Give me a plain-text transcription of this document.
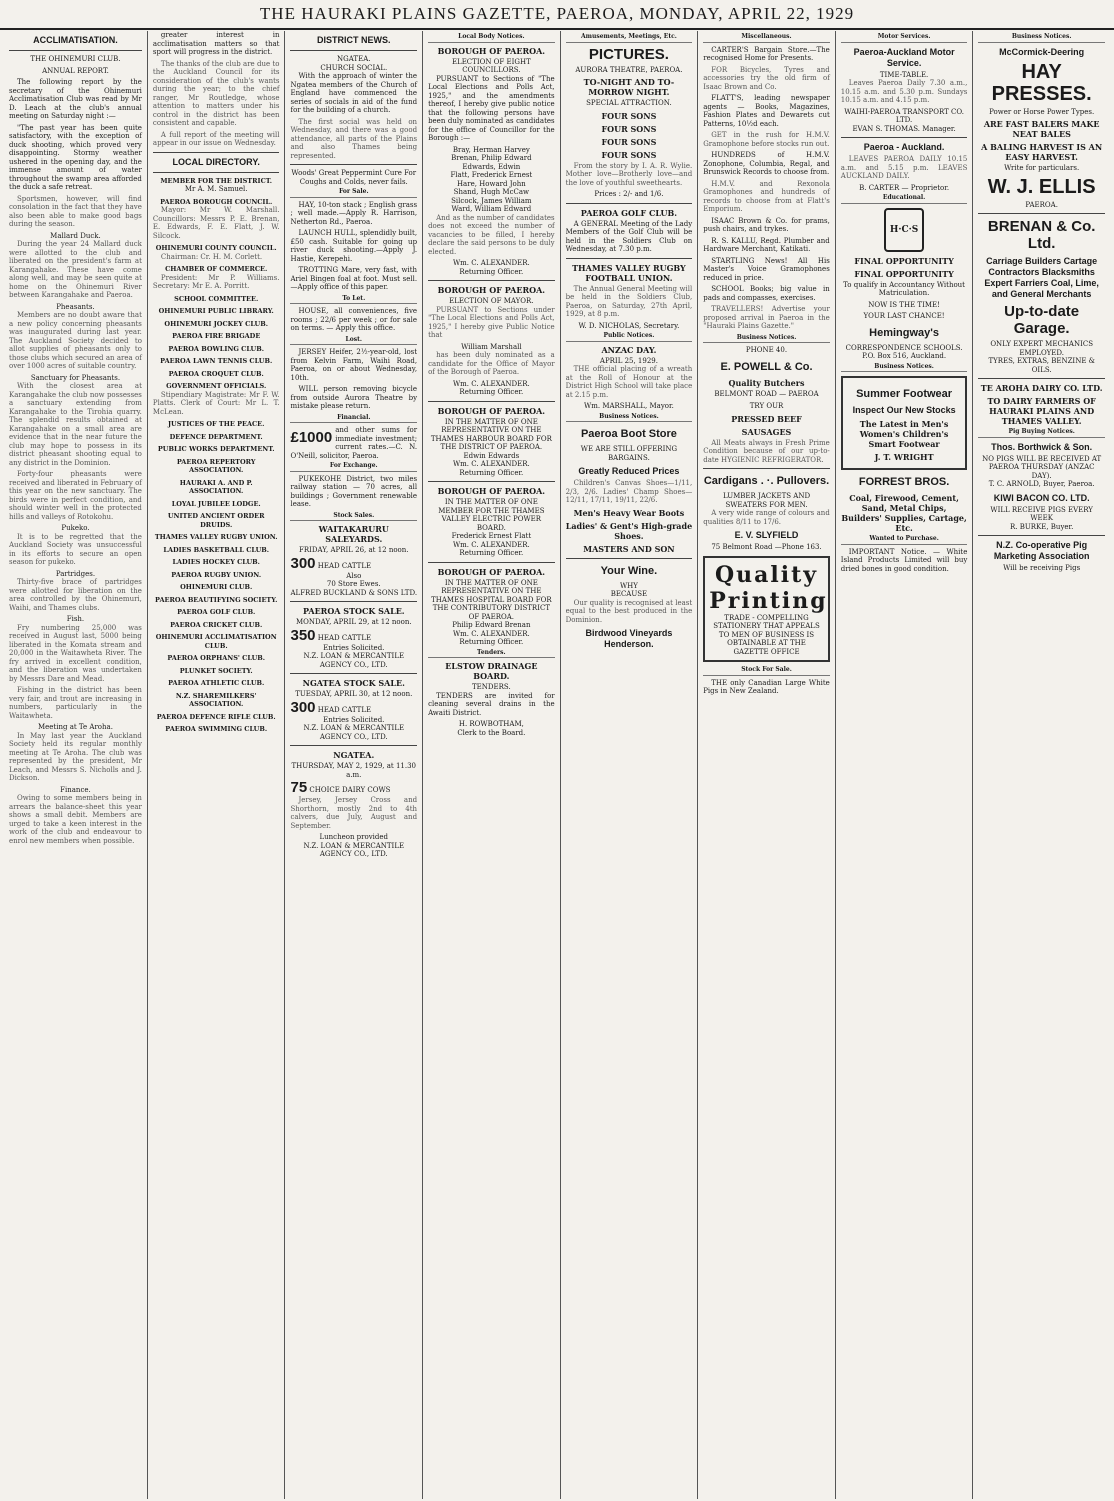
THE HAURAKI PLAINS GAZETTE, PAEROA, MONDAY, APRIL 22, 1929
ACCLIMATISATION.
THE OHINEMURI CLUB.
ANNUAL REPORT.

The following report by the secretary of the Ohinemuri Acclimatisation Club was read by Mr D. Leach at the club's annual meeting on Saturday night :—

"The past year has been quite satisfactory, with the exception of duck shooting, which proved very disappointing. Stormy weather ushered in the opening day, and the immense amount of water throughout the swamp area afforded the duck a safe retreat.

Sportsmen, however, will find consolation in the fact that they have also been able to make good bags during the season.

Mallard Duck.

During the year 24 Mallard duck were allotted to the club and liberated on the president's farm at Karangahake. These have come along well, and may be seen quite at home on the Ohinemuri River between Karangahake and Paeroa.

Pheasants.

Members are no doubt aware that a new policy concerning pheasants was inaugurated during last year. The Auckland Society decided to allot supplies of pheasants only to those clubs which secured an area of over 1000 acres of suitable country.

Sanctuary for Pheasants.

With the closest area at Karangahake the club now possesses a sanctuary extending from Karangahake to the Tirohia quarry. The splendid results obtained at Karangahake on a small area are evidence that in the near future the club may hope to possess in its district pheasant shooting equal to any district in the Dominion.

Forty-four pheasants were received and liberated in February of this year on the new sanctuary. The birds were in perfect condition, and should winter well in the protected hills and valleys of Rotokohu.

Pukeko.

It is to be regretted that the Auckland Society was unsuccessful in its efforts to secure an open season for pukeko.

Partridges.

Thirty-five brace of partridges were allotted for liberation on the area controlled by the Ohinemuri, Waihi, and Thames clubs.

Fish.

Fry numbering 25,000 was received in August last, 5000 being liberated in the Komata stream and 20,000 in the Waitawheta River. The fry arrived in excellent condition, and the liberation was undertaken by Messrs Dare and Mead.

Fishing in the district has been very fair, and trout are increasing in numbers, particularly in the Waitawheta.

Meeting at Te Aroha.

In May last year the Auckland Society held its regular monthly meeting at Te Aroha. The club was represented by the president, Mr Leach, and Messrs S. Nicholls and J. Dickson.

Finance.

Owing to some members being in arrears the balance-sheet this year shows a small debit. Members are urged to take a keen interest in the work of the club and endeavour to enrol new members when possible.

greater interest in acclimatisation matters so that sport will progress in the district.

The thanks of the club are due to the Auckland Council for its consideration of the club's wants during the year; to the chief ranger, Mr Routledge, whose attention to matters under his control in the district has been consistent and capable.

A full report of the meeting will appear in our issue on Wednesday.

LOCAL DIRECTORY.
MEMBER FOR THE DISTRICT.
Mr A. M. Samuel.
PAEROA BOROUGH COUNCIL.

Mayor: Mr W. Marshall. Councillors: Messrs P. E. Brenan, E. Edwards, F. E. Flatt, J. W. Silcock.

OHINEMURI COUNTY COUNCIL.

Chairman: Cr. H. M. Corlett.

CHAMBER OF COMMERCE.

President: Mr P. Williams. Secretary: Mr E. A. Porritt.

SCHOOL COMMITTEE.
OHINEMURI PUBLIC LIBRARY.
OHINEMURI JOCKEY CLUB.
PAEROA FIRE BRIGADE
PAEROA BOWLING CLUB.
PAEROA LAWN TENNIS CLUB.
PAEROA CROQUET CLUB.
GOVERNMENT OFFICIALS.

Stipendiary Magistrate: Mr F. W. Platts. Clerk of Court: Mr L. T. McLean.

JUSTICES OF THE PEACE.
DEFENCE DEPARTMENT.
PUBLIC WORKS DEPARTMENT.
PAEROA REPERTORY ASSOCIATION.
HAURAKI A. AND P. ASSOCIATION.
LOYAL JUBILEE LODGE.
UNITED ANCIENT ORDER DRUIDS.
THAMES VALLEY RUGBY UNION.
LADIES BASKETBALL CLUB.
LADIES HOCKEY CLUB.
PAEROA RUGBY UNION.
OHINEMURI CLUB.
PAEROA BEAUTIFYING SOCIETY.
PAEROA GOLF CLUB.
PAEROA CRICKET CLUB.
OHINEMURI ACCLIMATISATION CLUB.
PAEROA ORPHANS' CLUB.
PLUNKET SOCIETY.
PAEROA ATHLETIC CLUB.
N.Z. SHAREMILKERS' ASSOCIATION.
PAEROA DEFENCE RIFLE CLUB.
PAEROA SWIMMING CLUB.
DISTRICT NEWS.
NGATEA.
CHURCH SOCIAL.

With the approach of winter the Ngatea members of the Church of England have commenced the series of socials in aid of the fund for the building of a church.

The first social was held on Wednesday, and there was a good attendance, all parts of the Plains and also Thames being represented.

Woods' Great Peppermint Cure For Coughs and Colds, never fails.
For Sale.

HAY, 10-ton stack ; English grass ; well made.—Apply R. Harrison, Netherton Rd., Paeroa.

LAUNCH HULL, splendidly built, £50 cash. Suitable for going up river duck shooting.—Apply J. Hastie, Kerepehi.

TROTTING Mare, very fast, with Ariel Bingen foal at foot. Must sell.—Apply office of this paper.

To Let.

HOUSE, all conveniences, five rooms ; 22/6 per week ; or for sale on terms. — Apply this office.

Lost.

JERSEY Heifer, 2½-year-old, lost from Kelvin Farm, Waihi Road, Paeroa, on or about Wednesday, 10th.

WILL person removing bicycle from outside Aurora Theatre by mistake please return.

Financial.
£1000 and other sums for immediate investment; current rates.—C. N. O'Neill, solicitor, Paeroa.
For Exchange.

PUKEKOHE District, two miles railway station — 70 acres, all buildings ; Government renewable lease.

Stock Sales.
WAITAKARURU SALEYARDS.
FRIDAY, APRIL 26, at 12 noon.
300 HEAD CATTLE
Also
70 Store Ewes.
ALFRED BUCKLAND & SONS LTD.
PAEROA STOCK SALE.
MONDAY, APRIL 29, at 12 noon.
350 HEAD CATTLE
Entries Solicited.
N.Z. LOAN & MERCANTILE AGENCY CO., LTD.
NGATEA STOCK SALE.
TUESDAY, APRIL 30, at 12 noon.
300 HEAD CATTLE
Entries Solicited.
N.Z. LOAN & MERCANTILE AGENCY CO., LTD.
NGATEA.
THURSDAY, MAY 2, 1929, at 11.30 a.m.
75 CHOICE DAIRY COWS

Jersey, Jersey Cross and Shorthorn, mostly 2nd to 4th calvers, due July, August and September.

Luncheon provided
N.Z. LOAN & MERCANTILE AGENCY CO., LTD.
Local Body Notices.
BOROUGH OF PAEROA.
ELECTION OF EIGHT COUNCILLORS.

PURSUANT to Sections of "The Local Elections and Polls Act, 1925," and the amendments thereof, I hereby give public notice that the following persons have been duly nominated as candidates for the office of Councillor for the Borough :—

Bray, Herman Harvey
Brenan, Philip Edward
Edwards, Edwin
Flatt, Frederick Ernest
Hare, Howard John
Shand, Hugh McCaw
Silcock, James William
Ward, William Edward

And as the number of candidates does not exceed the number of vacancies to be filled, I hereby declare the said persons to be duly elected.

Wm. C. ALEXANDER.
Returning Officer.
BOROUGH OF PAEROA.
ELECTION OF MAYOR.

PURSUANT to Sections under "The Local Elections and Polls Act, 1925," I hereby give Public Notice that

William Marshall

has been duly nominated as a candidate for the Office of Mayor of the Borough of Paeroa.

Wm. C. ALEXANDER.
Returning Officer.
BOROUGH OF PAEROA.
IN THE MATTER OF ONE REPRESENTATIVE ON THE THAMES HARBOUR BOARD FOR THE DISTRICT OF PAEROA.
Edwin Edwards
Wm. C. ALEXANDER.
Returning Officer.
BOROUGH OF PAEROA.
IN THE MATTER OF ONE MEMBER FOR THE THAMES VALLEY ELECTRIC POWER BOARD.
Frederick Ernest Flatt
Wm. C. ALEXANDER.
Returning Officer.
BOROUGH OF PAEROA.
IN THE MATTER OF ONE REPRESENTATIVE ON THE THAMES HOSPITAL BOARD FOR THE CONTRIBUTORY DISTRICT OF PAEROA.
Philip Edward Brenan
Wm. C. ALEXANDER.
Returning Officer.
Tenders.
ELSTOW DRAINAGE BOARD.
TENDERS.

TENDERS are invited for cleaning several drains in the Awaiti District.

H. ROWBOTHAM,
Clerk to the Board.
Amusements, Meetings, Etc.
PICTURES.
AURORA THEATRE, PAEROA.
TO-NIGHT AND TO-MORROW NIGHT.
SPECIAL ATTRACTION.
FOUR SONS
FOUR SONS
FOUR SONS
FOUR SONS

From the story by I. A. R. Wylie. Mother love—Brotherly love—and the love of youthful sweethearts.

Prices : 2/- and 1/6.
PAEROA GOLF CLUB.

A GENERAL Meeting of the Lady Members of the Golf Club will be held in the Soldiers Club on Wednesday, at 7.30 p.m.

THAMES VALLEY RUGBY FOOTBALL UNION.

The Annual General Meeting will be held in the Soldiers Club, Paeroa, on Saturday, 27th April, 1929, at 8 p.m.

W. D. NICHOLAS, Secretary.
Public Notices.
ANZAC DAY.
APRIL 25, 1929.

THE official placing of a wreath at the Roll of Honour at the District High School will take place at 2.15 p.m.

Wm. MARSHALL, Mayor.
Business Notices.
Paeroa Boot Store
WE ARE STILL OFFERING BARGAINS.
Greatly Reduced Prices

Children's Canvas Shoes—1/11, 2/3, 2/6. Ladies' Champ Shoes—12/11, 17/11, 19/11, 22/6.

Men's Heavy Wear Boots
Ladies' & Gent's High-grade Shoes.
MASTERS AND SON
Your Wine.
WHY
BECAUSE

Our quality is recognised at least equal to the best produced in the Dominion.

Birdwood Vineyards Henderson.
Miscellaneous.

CARTER'S Bargain Store.—The recognised Home for Presents.

FOR Bicycles, Tyres and accessories try the old firm of Isaac Brown and Co.

FLATT'S, leading newspaper agents — Books, Magazines, Fashion Plates and Dewarets cut Patterns, 10½d each.

GET in the rush for H.M.V. Gramophone before stocks run out.

HUNDREDS of H.M.V. Zonophone, Columbia, Regal, and Brunswick Records to choose from.

H.M.V. and Rexonola Gramophones and hundreds of records to choose from at Flatt's Emporium.

ISAAC Brown & Co. for prams, push chairs, and trykes.

R. S. KALLU, Regd. Plumber and Hardware Merchant, Katikati.

STARTLING News! All His Master's Voice Gramophones reduced in price.

SCHOOL Books; big value in pads and compasses, exercises.

TRAVELLERS! Advertise your proposed arrival in Paeroa in the "Hauraki Plains Gazette."

Business Notices.
PHONE 40.
E. POWELL & Co.
Quality Butchers
BELMONT ROAD — PAEROA
TRY OUR
PRESSED BEEF
SAUSAGES

All Meats always in Fresh Prime Condition because of our up-to-date HYGIENIC REFRIGERATOR.

Cardigans . ·. Pullovers.
LUMBER JACKETS AND SWEATERS FOR MEN.

A very wide range of colours and qualities 8/11 to 17/6.

E. V. SLYFIELD
75 Belmont Road —Phone 163.
Quality
Printing
TRADE - COMPELLING STATIONERY THAT APPEALS TO MEN OF BUSINESS IS OBTAINABLE AT THE GAZETTE OFFICE
Stock For Sale.

THE only Canadian Large White Pigs in New Zealand.

Motor Services.
Paeroa-Auckland Motor Service.
TIME-TABLE.

Leaves Paeroa Daily 7.30 a.m., 10.15 a.m. and 5.30 p.m. Sundays 10.15 a.m. and 4.15 p.m.

WAIHI-PAEROA TRANSPORT CO. LTD.
EVAN S. THOMAS. Manager.
Paeroa - Auckland.

LEAVES PAEROA DAILY 10.15 a.m. and 5.15 p.m. LEAVES AUCKLAND DAILY.

B. CARTER — Proprietor.
Educational.
H·C·S
FINAL OPPORTUNITY
FINAL OPPORTUNITY
To qualify in Accountancy Without Matriculation.
NOW IS THE TIME!
YOUR LAST CHANCE!
Hemingway's
CORRESPONDENCE SCHOOLS.
P.O. Box 516, Auckland.
Business Notices.
Summer Footwear
Inspect Our New Stocks
The Latest in Men's Women's Children's Smart Footwear
J. T. WRIGHT
FORREST BROS.
Coal, Firewood, Cement, Sand, Metal Chips, Builders' Supplies, Cartage, Etc.
Wanted to Purchase.

IMPORTANT Notice. — White Island Products Limited will buy dried bones in good condition.

Business Notices.
McCormick-Deering
HAY PRESSES.
Power or Horse Power Types.
ARE FAST BALERS MAKE NEAT BALES
A BALING HARVEST IS AN EASY HARVEST.
Write for particulars.
W. J. ELLIS
PAEROA.
BRENAN & Co. Ltd.
Carriage Builders Cartage Contractors Blacksmiths Expert Farriers Coal, Lime, and General Merchants
Up-to-date Garage.
ONLY EXPERT MECHANICS EMPLOYED.
TYRES, EXTRAS, BENZINE & OILS.
TE AROHA DAIRY CO. LTD.
TO DAIRY FARMERS OF HAURAKI PLAINS AND THAMES VALLEY.
Pig Buying Notices.
Thos. Borthwick & Son.
NO PIGS WILL BE RECEIVED AT PAEROA THURSDAY (ANZAC DAY).
T. C. ARNOLD, Buyer, Paeroa.
KIWI BACON CO. LTD.
WILL RECEIVE PIGS EVERY WEEK
R. BURKE, Buyer.
N.Z. Co-operative Pig Marketing Association
Will be receiving Pigs
